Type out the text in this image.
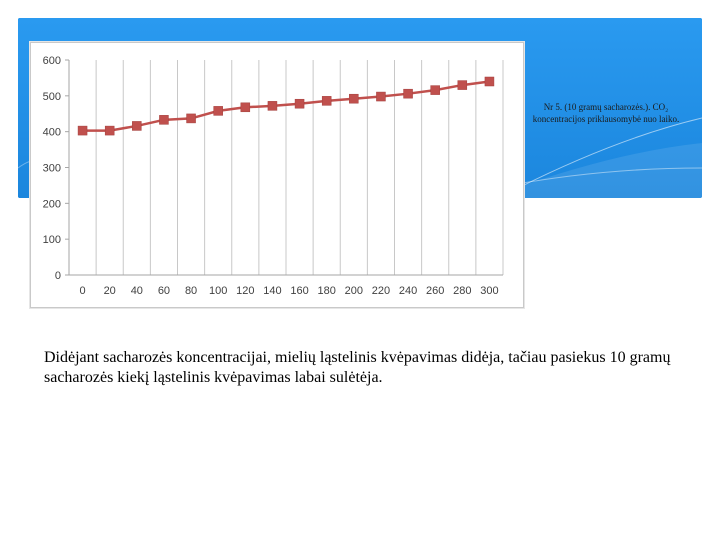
0
100
200
300
400
500
600
0 20 40 60 80 100 120 140 160 180 200 220 240 260 280 300
Nr 5. (10 gramų sacharozės.). CO₂ koncentracijos priklausomybė nuo laiko.

Didėjant sacharozės koncentracijai, mielių ląstelinis kvėpavimas didėja, tačiau pasiekus 10 gramų sacharozės kiekį ląstelinis kvėpavimas labai sulėtėja.
